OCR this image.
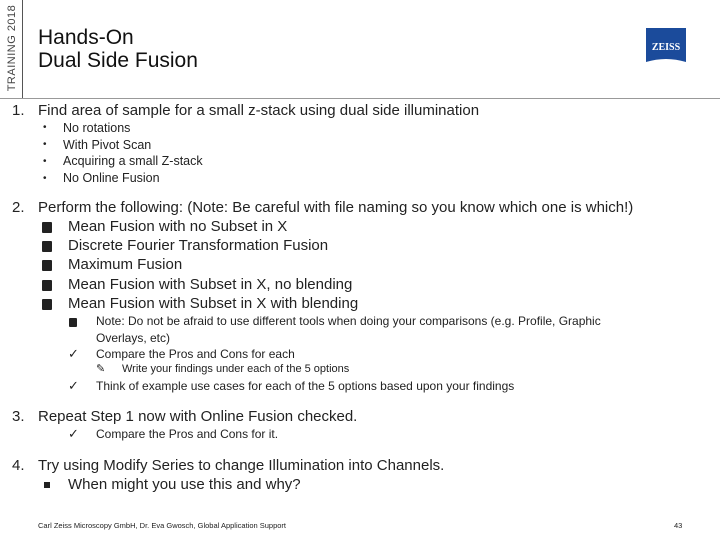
TRAINING 2018 Hands-On
Dual Side Fusion
ZEISS
1. Find area of sample for a small z-stack using dual side illumination
• No rotations
• With Pivot Scan
• Acquiring a small Z-stack
• No Online Fusion
2. Perform the following: (Note: Be careful with file naming so you know which one is which!)
Mean Fusion with no Subset in X
Discrete Fourier Transformation Fusion
Maximum Fusion
Mean Fusion with Subset in X, no blending
Mean Fusion with Subset in X with blending
Note: Do not be afraid to use different tools when doing your comparisons (e.g. Profile, Graphic
Overlays, etc)
✓ Compare the Pros and Cons for each
✎ Write your findings under each of the 5 options
✓ Think of example use cases for each of the 5 options based upon your findings
3. Repeat Step 1 now with Online Fusion checked.
✓ Compare the Pros and Cons for it.
4. Try using Modify Series to change Illumination into Channels.
When might you use this and why?
Carl Zeiss Microscopy GmbH, Dr. Eva Gwosch, Global Application Support	43
